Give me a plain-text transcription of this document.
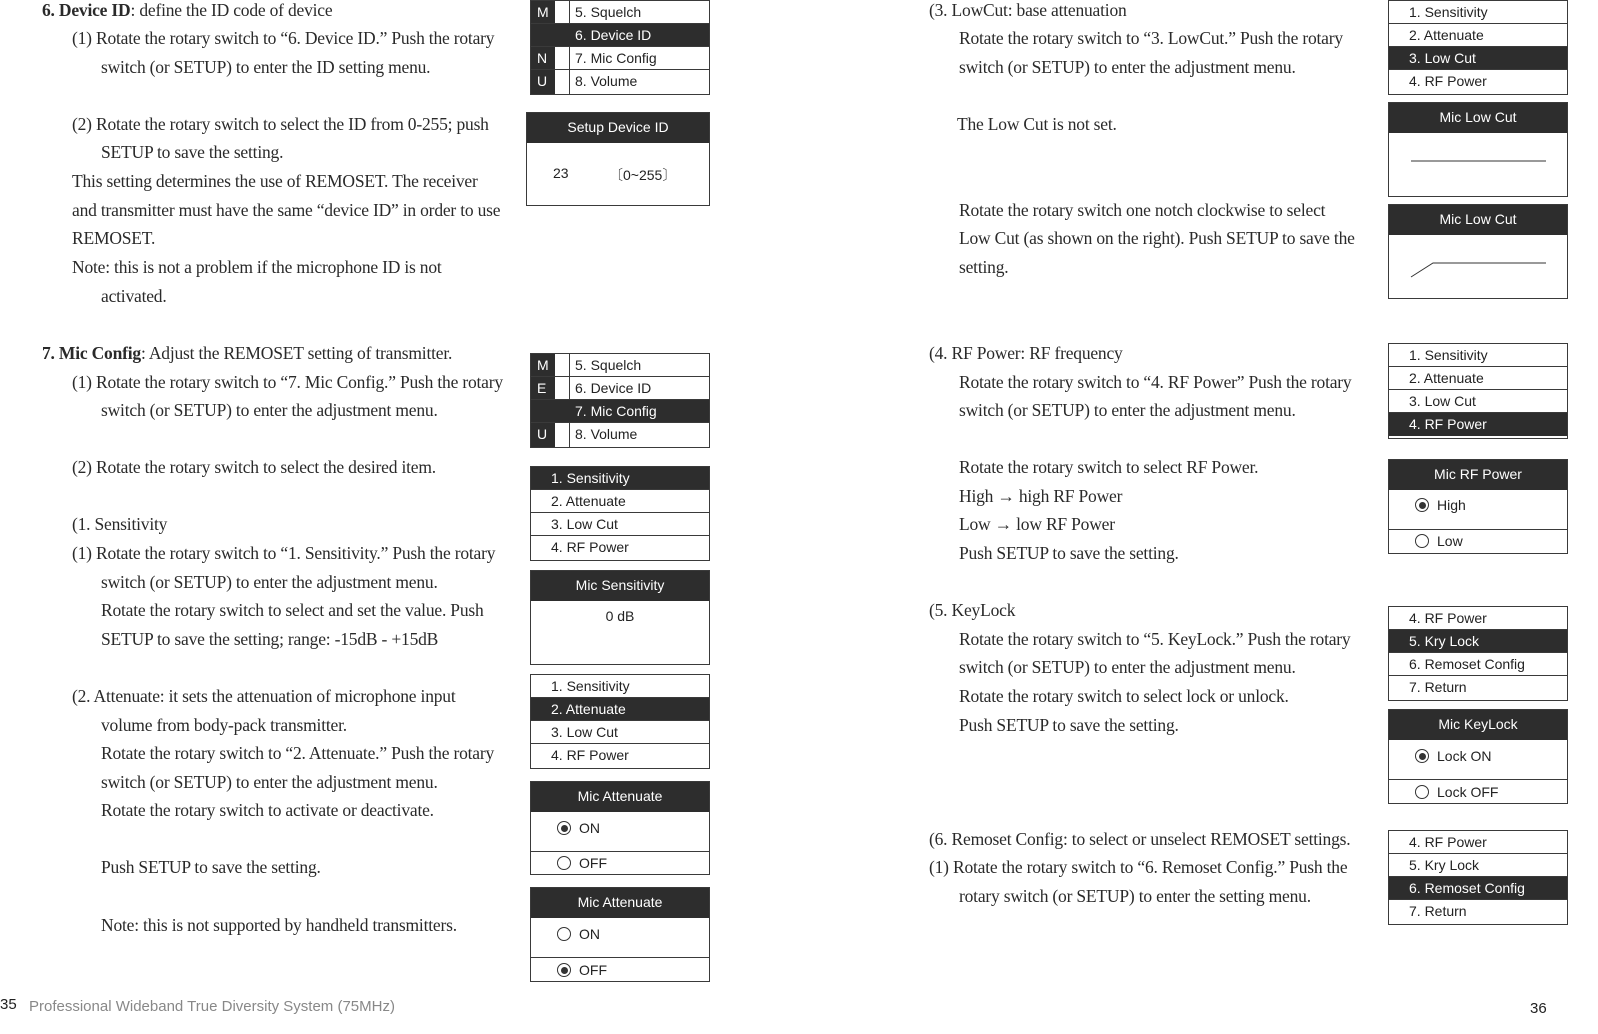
6. Device ID: define the ID code of device
(1) Rotate the rotary switch to “6. Device ID.” Push the rotary
switch (or SETUP) to enter the ID setting menu.
(2) Rotate the rotary switch to select the ID from 0-255; push
SETUP to save the setting.
This setting determines the use of REMOSET. The receiver
and transmitter must have the same “device ID” in order to use
REMOSET.
Note: this is not a problem if the microphone ID is not
activated.
7. Mic Config: Adjust the REMOSET setting of transmitter.
(1) Rotate the rotary switch to “7. Mic Config.” Push the rotary
switch (or SETUP) to enter the adjustment menu.
(2) Rotate the rotary switch to select the desired item.
(1. Sensitivity
(1) Rotate the rotary switch to “1. Sensitivity.” Push the rotary
switch (or SETUP) to enter the adjustment menu.
Rotate the rotary switch to select and set the value. Push
SETUP to save the setting; range: -15dB - +15dB
(2. Attenuate: it sets the attenuation of microphone input
volume from body-pack transmitter.
Rotate the rotary switch to “2. Attenuate.” Push the rotary
switch (or SETUP) to enter the adjustment menu.
Rotate the rotary switch to activate or deactivate.
Push SETUP to save the setting.
Note: this is not supported by handheld transmitters.
M
N
U
5. Squelch
6. Device ID
7. Mic Config
8. Volume
Setup Device ID
23	〔0~255〕
M
E
U
5. Squelch
6. Device ID
7. Mic Config
8. Volume
1. Sensitivity
2. Attenuate
3. Low Cut
4. RF Power
Mic Sensitivity
0 dB
1. Sensitivity
2. Attenuate
3. Low Cut
4. RF Power
Mic Attenuate
ON
OFF
Mic Attenuate
ON
OFF
(3. LowCut: base attenuation
Rotate the rotary switch to “3. LowCut.” Push the rotary
switch (or SETUP) to enter the adjustment menu.
The Low Cut is not set.
Rotate the rotary switch one notch clockwise to select
Low Cut (as shown on the right). Push SETUP to save the
setting.
(4. RF Power: RF frequency
Rotate the rotary switch to “4. RF Power” Push the rotary
switch (or SETUP) to enter the adjustment menu.
Rotate the rotary switch to select RF Power.
High → high RF Power
Low → low RF Power
Push SETUP to save the setting.
(5. KeyLock
Rotate the rotary switch to “5. KeyLock.” Push the rotary
switch (or SETUP) to enter the adjustment menu.
Rotate the rotary switch to select lock or unlock.
Push SETUP to save the setting.
(6. Remoset Config: to select or unselect REMOSET settings.
(1) Rotate the rotary switch to “6. Remoset Config.” Push the
rotary switch (or SETUP) to enter the setting menu.
1. Sensitivity
2. Attenuate
3. Low Cut
4. RF Power
Mic Low Cut
Mic Low Cut
1. Sensitivity
2. Attenuate
3. Low Cut
4. RF Power
Mic RF Power
High
Low
4. RF Power
5. Kry Lock
6. Remoset Config
7. Return
Mic KeyLock
Lock ON
Lock OFF
4. RF Power
5. Kry Lock
6. Remoset Config
7. Return
35 Professional Wideband True Diversity System (75MHz)	36
